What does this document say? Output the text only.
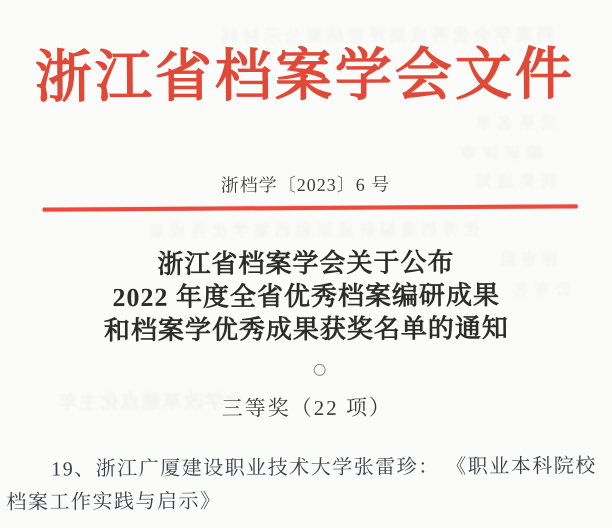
档案学会优秀成果评审结果公示材料
成果名单
编研评审
获奖通知
优秀档案编研成果和档案学优秀成果
评审组
公布名
业学改革题点化主年
浙江省档案学会文件
浙档学〔2023〕6 号
浙江省档案学会关于公布
2022 年度全省优秀档案编研成果
和档案学优秀成果获奖名单的通知
三等奖（22 项）
19、浙江广厦建设职业技术大学张雷珍： 《职业本科院校
档案工作实践与启示》
